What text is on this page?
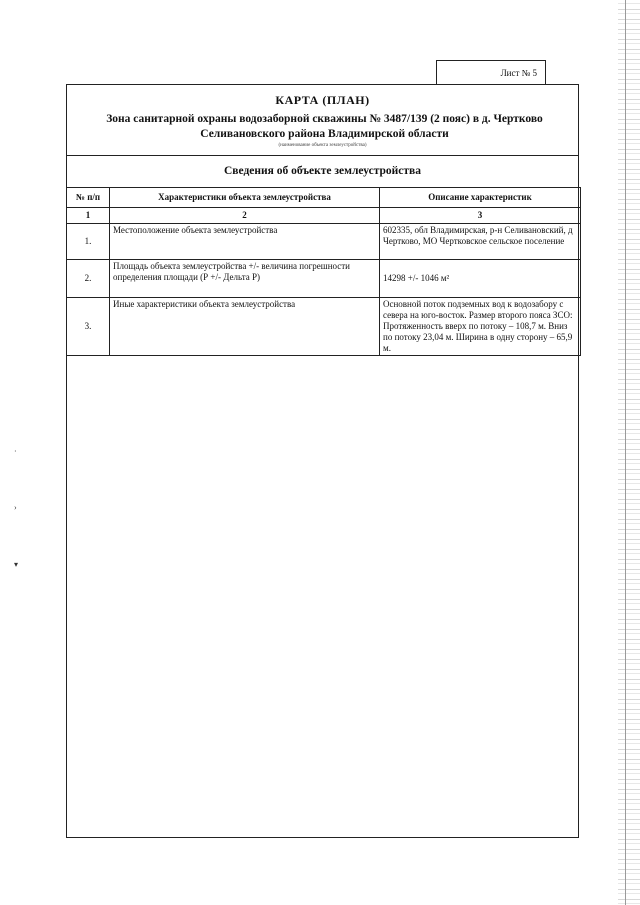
·
›
▾
Лист № 5
КАРТА (ПЛАН)
Зона санитарной охраны водозаборной скважины № 3487/139 (2 пояс) в д. Чертково Селивановского района Владимирской области
(наименование объекта землеустройства)
Сведения об объекте землеустройства
№ п/п	Характеристики объекта землеустройства	Описание характеристик
1	2	3
1.	Местоположение объекта землеустройства	602335, обл Владимирская, р-н Селивановский, д Чертково, МО Чертковское сельское поселение
2.	Площадь объекта землеустройства +/- величина погрешности определения площади (Р +/- Дельта Р)	14298 +/- 1046 м²
3.	Иные характеристики объекта землеустройства	Основной поток подземных вод к водозабору с севера на юго-восток. Размер второго пояса ЗСО: Протяженность вверх по потоку – 108,7 м. Вниз по потоку 23,04 м. Ширина в одну сторону – 65,9 м.
